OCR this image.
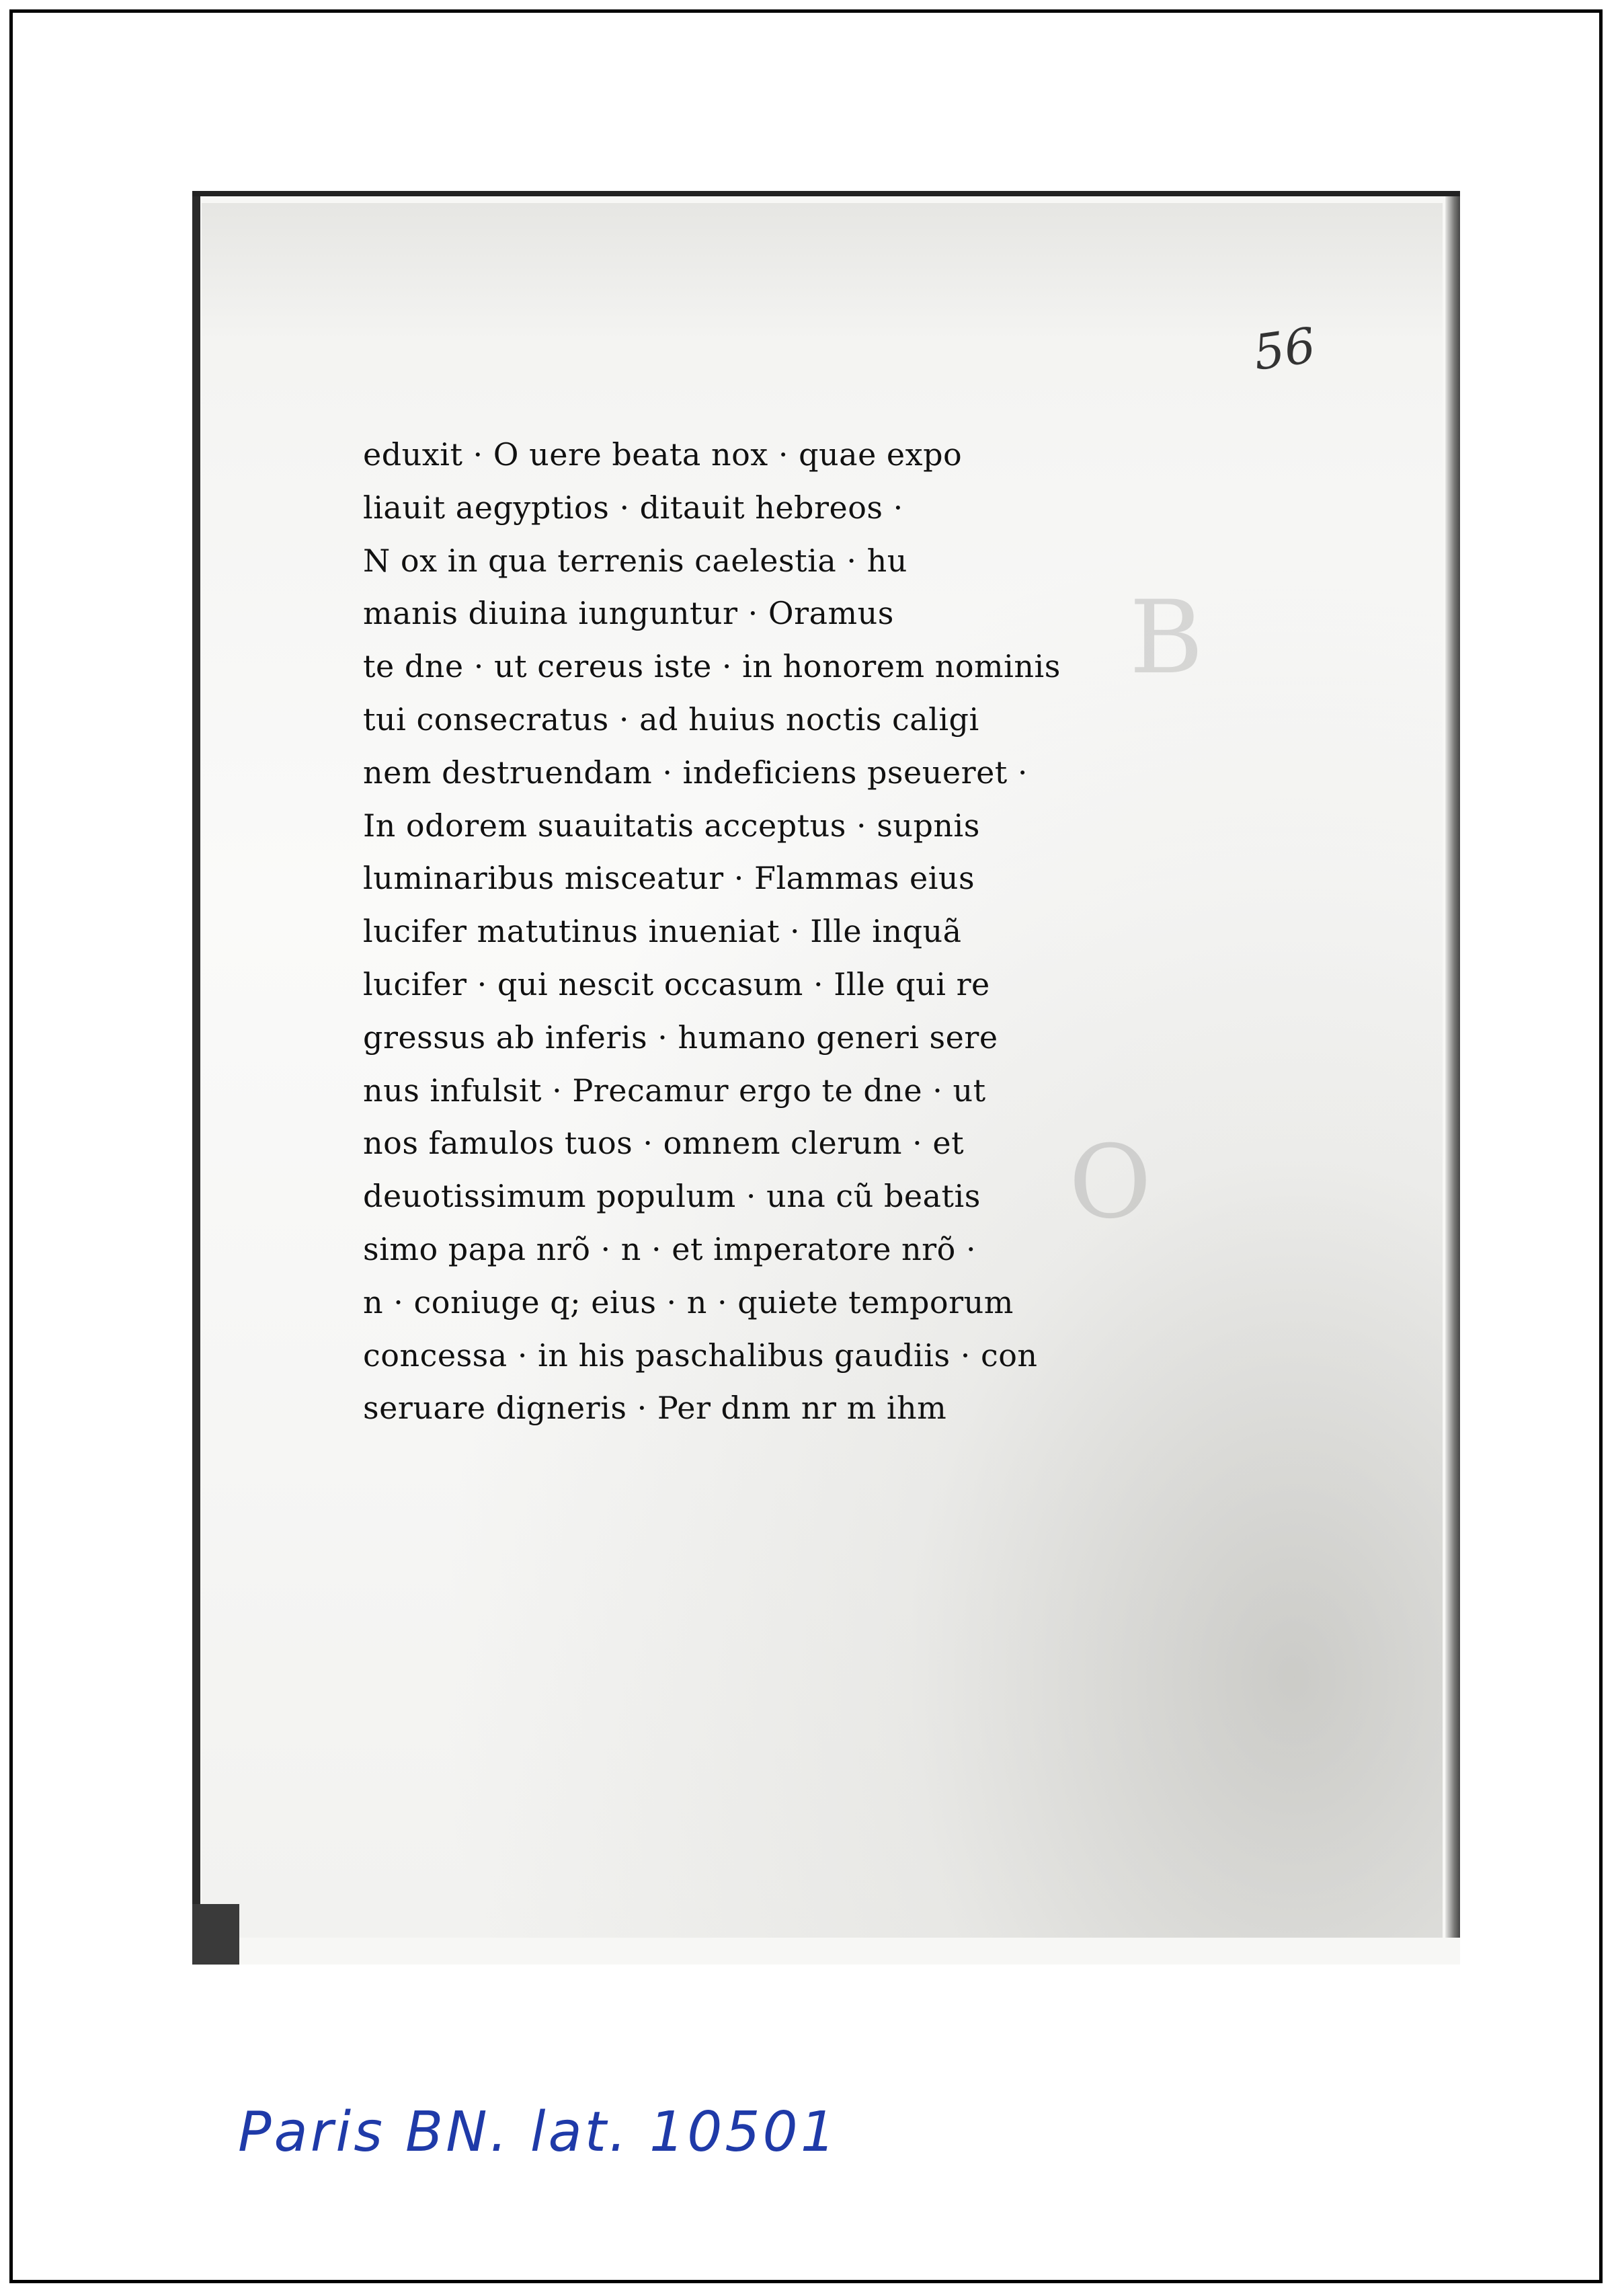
B
O
56
eduxit · O uere beata nox · quae expo
liauit aegyptios · ditauit hebreos ·
N ox in qua terrenis caelestia · hu
manis diuina iunguntur · Oramus
te dne · ut cereus iste · in honorem nominis
tui consecratus · ad huius noctis caligi
nem destruendam · indeficiens pseueret ·
In odorem suauitatis acceptus · supnis
luminaribus misceatur · Flammas eius
lucifer matutinus inueniat · Ille inquã
lucifer · qui nescit occasum · Ille qui re
gressus ab inferis · humano generi sere
nus infulsit · Precamur ergo te dne · ut
nos famulos tuos · omnem clerum · et
deuotissimum populum · una cũ beatis
simo papa nrõ · n · et imperatore nrõ ·
n · coniuge q; eius · n · quiete temporum
concessa · in his paschalibus gaudiis · con
seruare digneris · Per dnm nr m ihm
Paris BN. lat. 10501
